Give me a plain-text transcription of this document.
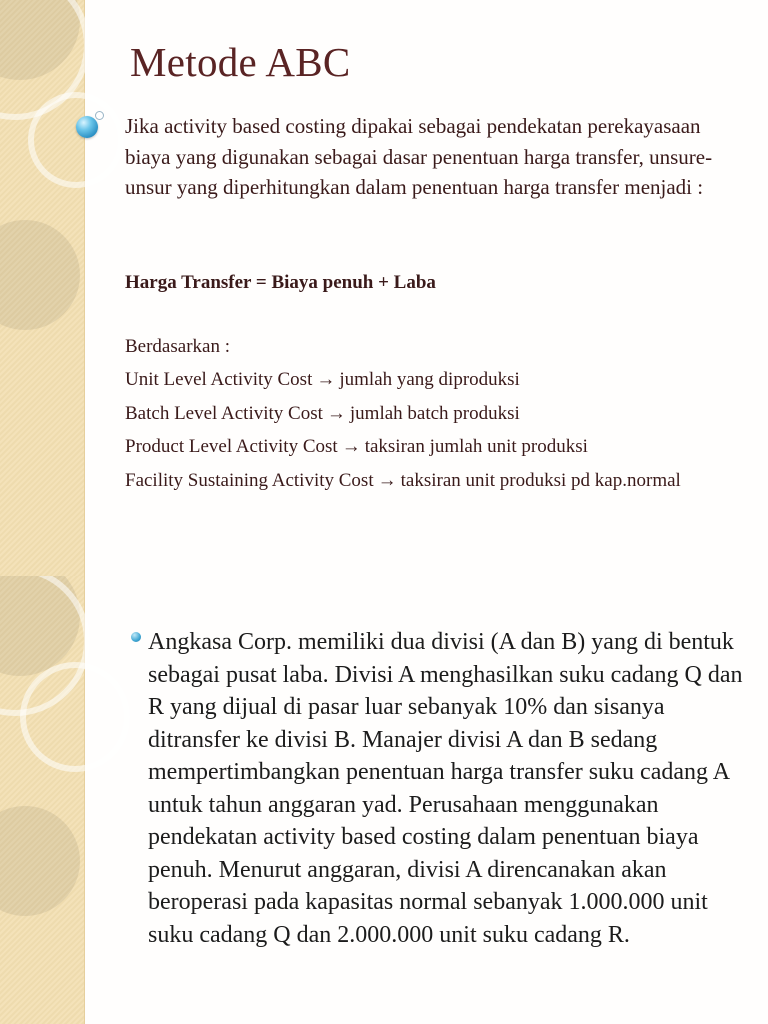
Metode ABC

Jika activity based costing dipakai sebagai pendekatan perekayasaan biaya yang digunakan sebagai dasar penentuan harga transfer, unsure-unsur yang diperhitungkan dalam penentuan harga transfer menjadi :

Harga Transfer = Biaya penuh + Laba

Berdasarkan :

Unit Level Activity Cost → jumlah yang diproduksi
Batch Level Activity Cost → jumlah batch produksi
Product Level Activity Cost → taksiran jumlah unit produksi
Facility Sustaining Activity Cost → taksiran unit produksi pd kap.normal

Angkasa Corp. memiliki dua divisi (A dan B) yang di bentuk sebagai pusat laba. Divisi A menghasilkan suku cadang Q dan R yang dijual di pasar luar sebanyak 10% dan sisanya ditransfer ke divisi B. Manajer divisi A dan B sedang mempertimbangkan penentuan harga transfer suku cadang A untuk tahun anggaran yad. Perusahaan menggunakan pendekatan activity based costing dalam penentuan biaya penuh. Menurut anggaran, divisi A direncanakan akan beroperasi pada kapasitas normal sebanyak 1.000.000 unit suku cadang Q dan 2.000.000 unit suku cadang R.
